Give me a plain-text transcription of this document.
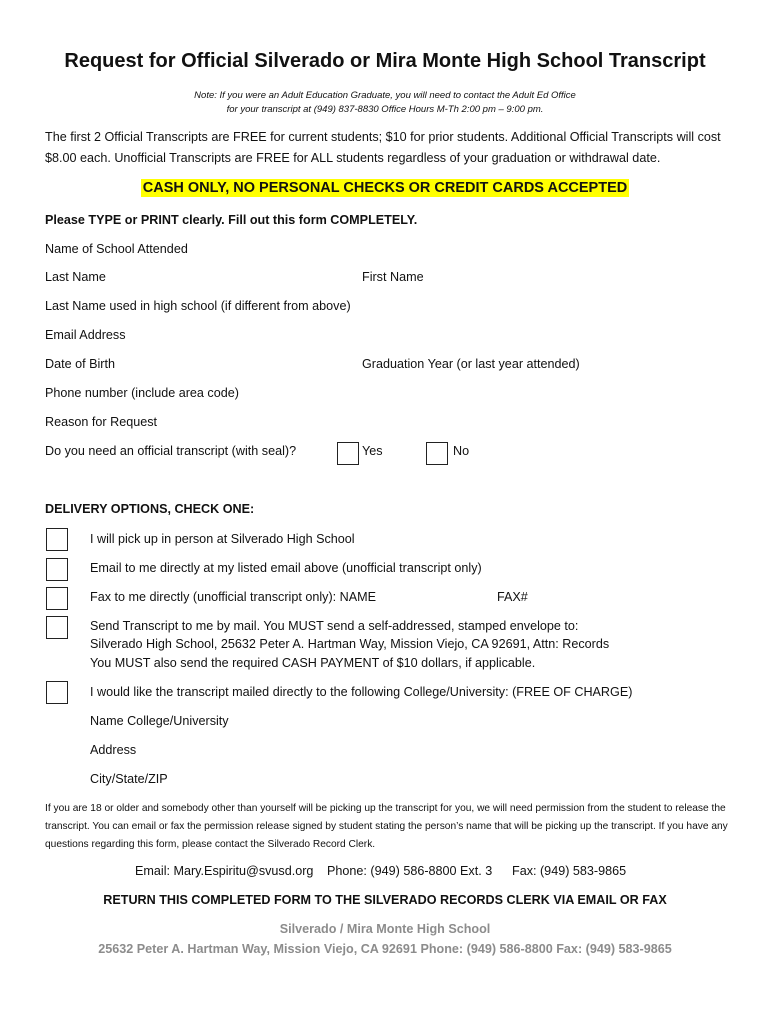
Request for Official Silverado or Mira Monte High School Transcript
Note: If you were an Adult Education Graduate, you will need to contact the Adult Ed Office
for your transcript at (949) 837-8830 Office Hours M-Th 2:00 pm – 9:00 pm.
The first 2 Official Transcripts are FREE for current students; $10 for prior students. Additional Official Transcripts will cost $8.00 each. Unofficial Transcripts are FREE for ALL students regardless of your graduation or withdrawal date.
CASH ONLY, NO PERSONAL CHECKS OR CREDIT CARDS ACCEPTED
Please TYPE or PRINT clearly. Fill out this form COMPLETELY.
Name of School Attended
Last Name	First Name
Last Name used in high school (if different from above)
Email Address
Date of Birth	Graduation Year (or last year attended)
Phone number (include area code)
Reason for Request
Do you need an official transcript (with seal)?	Yes	No
DELIVERY OPTIONS, CHECK ONE:
I will pick up in person at Silverado High School
Email to me directly at my listed email above (unofficial transcript only)
Fax to me directly (unofficial transcript only): NAME	FAX#
Send Transcript to me by mail. You MUST send a self-addressed, stamped envelope to:
Silverado High School, 25632 Peter A. Hartman Way, Mission Viejo, CA 92691, Attn: Records
You MUST also send the required CASH PAYMENT of $10 dollars, if applicable.
I would like the transcript mailed directly to the following College/University: (FREE OF CHARGE)
Name College/University
Address
City/State/ZIP
If you are 18 or older and somebody other than yourself will be picking up the transcript for you, we will need permission from the student to release the transcript. You can email or fax the permission release signed by student stating the person’s name that will be picking up the transcript. If you have any questions regarding this form, please contact the Silverado Record Clerk.
Email: Mary.Espiritu@svusd.org Phone: (949) 586-8800 Ext. 3 Fax: (949) 583-9865
RETURN THIS COMPLETED FORM TO THE SILVERADO RECORDS CLERK VIA EMAIL OR FAX
Silverado / Mira Monte High School
25632 Peter A. Hartman Way, Mission Viejo, CA 92691 Phone: (949) 586-8800 Fax: (949) 583-9865
